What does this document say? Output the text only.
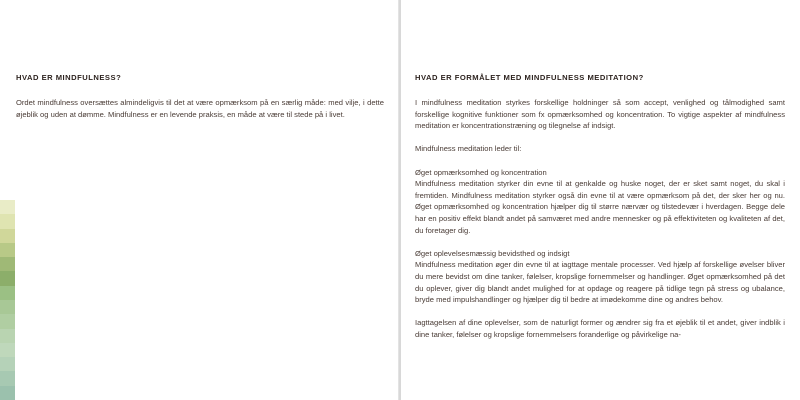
HVAD ER MINDFULNESS?

Ordet mindfulness oversættes almindeligvis til det at være opmærksom på en særlig måde: med vilje, i dette øjeblik og uden at dømme. Mindfulness er en levende praksis, en måde at være til stede på i livet.

HVAD ER FORMÅLET MED MINDFULNESS MEDITATION?

I mindfulness meditation styrkes forskellige holdninger så som accept, venlighed og tålmodighed samt forskellige kognitive funktioner som fx opmærksomhed og koncentration. To vigtige aspekter af mindfulness meditation er koncentrationstræning og tilegnelse af indsigt.

Mindfulness meditation leder til:

Øget opmærksomhed og koncentration
Mindfulness meditation styrker din evne til at genkalde og huske noget, der er sket samt noget, du skal i fremtiden. Mindfulness meditation styrker også din evne til at være opmærksom på det, der sker her og nu. Øget opmærksomhed og koncentration hjælper dig til større nærvær og tilstedevær i hverdagen. Begge dele har en positiv effekt blandt andet på samværet med andre mennesker og på effektiviteten og kvaliteten af det, du foretager dig.

Øget oplevelsesmæssig bevidsthed og indsigt
Mindfulness meditation øger din evne til at iagttage mentale processer. Ved hjælp af forskellige øvelser bliver du mere bevidst om dine tanker, følelser, kropslige fornemmelser og handlinger. Øget opmærksomhed på det du oplever, giver dig blandt andet mulighed for at opdage og reagere på tidlige tegn på stress og ubalance, bryde med impulshandlinger og hjælper dig til bedre at imødekomme dine og andres behov.

Iagttagelsen af dine oplevelser, som de naturligt former og ændrer sig fra et øjeblik til et andet, giver indblik i dine tanker, følelser og kropslige fornemmelsers foranderlige og påvirkelige na-
